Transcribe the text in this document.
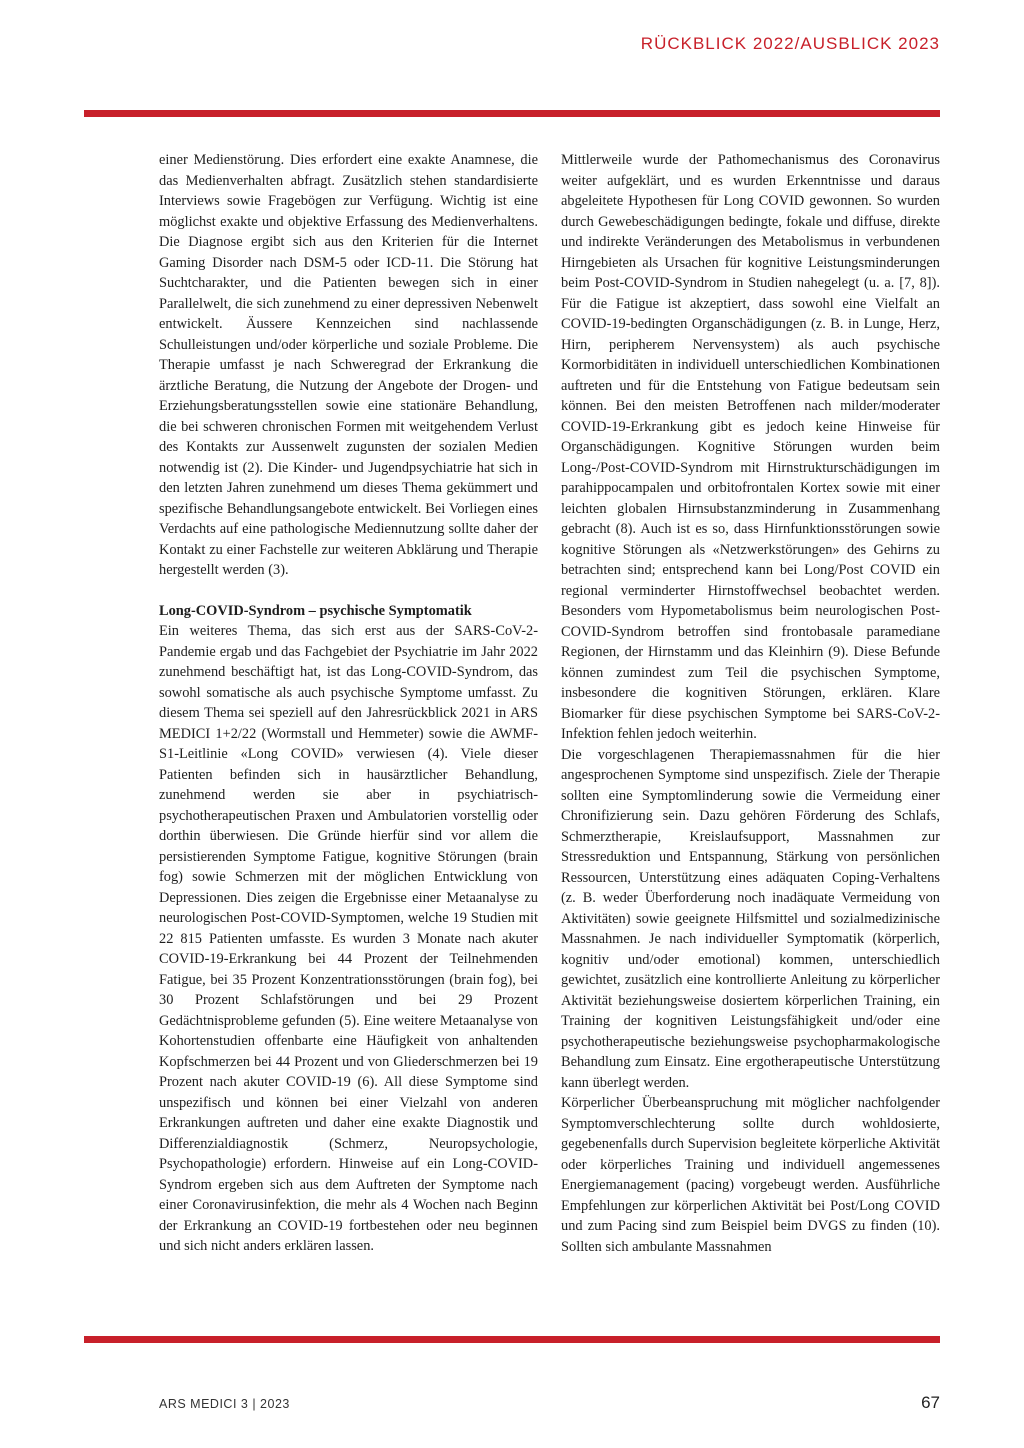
RÜCKBLICK 2022/AUSBLICK 2023

einer Medienstörung. Dies erfordert eine exakte Anamnese, die das Medienverhalten abfragt. Zusätzlich stehen standardisierte Interviews sowie Fragebögen zur Verfügung. Wichtig ist eine möglichst exakte und objektive Erfassung des Medienverhaltens. Die Diagnose ergibt sich aus den Kriterien für die Internet Gaming Disorder nach DSM-5 oder ICD-11. Die Störung hat Suchtcharakter, und die Patienten bewegen sich in einer Parallelwelt, die sich zunehmend zu einer depressiven Nebenwelt entwickelt. Äussere Kennzeichen sind nachlassende Schulleistungen und/oder körperliche und soziale Probleme. Die Therapie umfasst je nach Schweregrad der Erkrankung die ärztliche Beratung, die Nutzung der Angebote der Drogen- und Erziehungsberatungsstellen sowie eine stationäre Behandlung, die bei schweren chronischen Formen mit weitgehendem Verlust des Kontakts zur Aussenwelt zugunsten der sozialen Medien notwendig ist (2). Die Kinder- und Jugendpsychiatrie hat sich in den letzten Jahren zunehmend um dieses Thema gekümmert und spezifische Behandlungsangebote entwickelt. Bei Vorliegen eines Verdachts auf eine pathologische Mediennutzung sollte daher der Kontakt zu einer Fachstelle zur weiteren Abklärung und Therapie hergestellt werden (3).

Long-COVID-Syndrom – psychische Symptomatik

Ein weiteres Thema, das sich erst aus der SARS-CoV-2-Pandemie ergab und das Fachgebiet der Psychiatrie im Jahr 2022 zunehmend beschäftigt hat, ist das Long-COVID-Syndrom, das sowohl somatische als auch psychische Symptome umfasst. Zu diesem Thema sei speziell auf den Jahresrückblick 2021 in ARS MEDICI 1+2/22 (Wormstall und Hemmeter) sowie die AWMF-S1-Leitlinie «Long COVID» verwiesen (4). Viele dieser Patienten befinden sich in hausärztlicher Behandlung, zunehmend werden sie aber in psychiatrisch-psychotherapeutischen Praxen und Ambulatorien vorstellig oder dorthin überwiesen. Die Gründe hierfür sind vor allem die persistierenden Symptome Fatigue, kognitive Störungen (brain fog) sowie Schmerzen mit der möglichen Entwicklung von Depressionen. Dies zeigen die Ergebnisse einer Metaanalyse zu neurologischen Post-COVID-Symptomen, welche 19 Studien mit 22 815 Patienten umfasste. Es wurden 3 Monate nach akuter COVID-19-Erkrankung bei 44 Prozent der Teilnehmenden Fatigue, bei 35 Prozent Konzentrationsstörungen (brain fog), bei 30 Prozent Schlafstörungen und bei 29 Prozent Gedächtnisprobleme gefunden (5). Eine weitere Metaanalyse von Kohortenstudien offenbarte eine Häufigkeit von anhaltenden Kopfschmerzen bei 44 Prozent und von Gliederschmerzen bei 19 Prozent nach akuter COVID-19 (6). All diese Symptome sind unspezifisch und können bei einer Vielzahl von anderen Erkrankungen auftreten und daher eine exakte Diagnostik und Differenzialdiagnostik (Schmerz, Neuropsychologie, Psychopathologie) erfordern. Hinweise auf ein Long-COVID-Syndrom ergeben sich aus dem Auftreten der Symptome nach einer Coronavirusinfektion, die mehr als 4 Wochen nach Beginn der Erkrankung an COVID-19 fortbestehen oder neu beginnen und sich nicht anders erklären lassen.

Mittlerweile wurde der Pathomechanismus des Coronavirus weiter aufgeklärt, und es wurden Erkenntnisse und daraus abgeleitete Hypothesen für Long COVID gewonnen. So wurden durch Gewebeschädigungen bedingte, fokale und diffuse, direkte und indirekte Veränderungen des Metabolismus in verbundenen Hirngebieten als Ursachen für kognitive Leistungsminderungen beim Post-COVID-Syndrom in Studien nahegelegt (u. a. [7, 8]). Für die Fatigue ist akzeptiert, dass sowohl eine Vielfalt an COVID-19-bedingten Organschädigungen (z. B. in Lunge, Herz, Hirn, peripherem Nervensystem) als auch psychische Kormorbiditäten in individuell unterschiedlichen Kombinationen auftreten und für die Entstehung von Fatigue bedeutsam sein können. Bei den meisten Betroffenen nach milder/moderater COVID-19-Erkrankung gibt es jedoch keine Hinweise für Organschädigungen. Kognitive Störungen wurden beim Long-/Post-COVID-Syndrom mit Hirnstrukturschädigungen im parahippocampalen und orbitofrontalen Kortex sowie mit einer leichten globalen Hirnsubstanzminderung in Zusammenhang gebracht (8). Auch ist es so, dass Hirnfunktionsstörungen sowie kognitive Störungen als «Netzwerkstörungen» des Gehirns zu betrachten sind; entsprechend kann bei Long/Post COVID ein regional verminderter Hirnstoffwechsel beobachtet werden. Besonders vom Hypometabolismus beim neurologischen Post-COVID-Syndrom betroffen sind frontobasale paramediane Regionen, der Hirnstamm und das Kleinhirn (9). Diese Befunde können zumindest zum Teil die psychischen Symptome, insbesondere die kognitiven Störungen, erklären. Klare Biomarker für diese psychischen Symptome bei SARS-CoV-2-Infektion fehlen jedoch weiterhin.

Die vorgeschlagenen Therapiemassnahmen für die hier angesprochenen Symptome sind unspezifisch. Ziele der Therapie sollten eine Symptomlinderung sowie die Vermeidung einer Chronifizierung sein. Dazu gehören Förderung des Schlafs, Schmerztherapie, Kreislaufsupport, Massnahmen zur Stressreduktion und Entspannung, Stärkung von persönlichen Ressourcen, Unterstützung eines adäquaten Coping-Verhaltens (z. B. weder Überforderung noch inadäquate Vermeidung von Aktivitäten) sowie geeignete Hilfsmittel und sozialmedizinische Massnahmen. Je nach individueller Symptomatik (körperlich, kognitiv und/oder emotional) kommen, unterschiedlich gewichtet, zusätzlich eine kontrollierte Anleitung zu körperlicher Aktivität beziehungsweise dosiertem körperlichen Training, ein Training der kognitiven Leistungsfähigkeit und/oder eine psychotherapeutische beziehungsweise psychopharmakologische Behandlung zum Einsatz. Eine ergotherapeutische Unterstützung kann überlegt werden.

Körperlicher Überbeanspruchung mit möglicher nachfolgender Symptomverschlechterung sollte durch wohldosierte, gegebenenfalls durch Supervision begleitete körperliche Aktivität oder körperliches Training und individuell angemessenes Energiemanagement (pacing) vorgebeugt werden. Ausführliche Empfehlungen zur körperlichen Aktivität bei Post/Long COVID und zum Pacing sind zum Beispiel beim DVGS zu finden (10). Sollten sich ambulante Massnahmen

ARS MEDICI 3 | 2023	67
